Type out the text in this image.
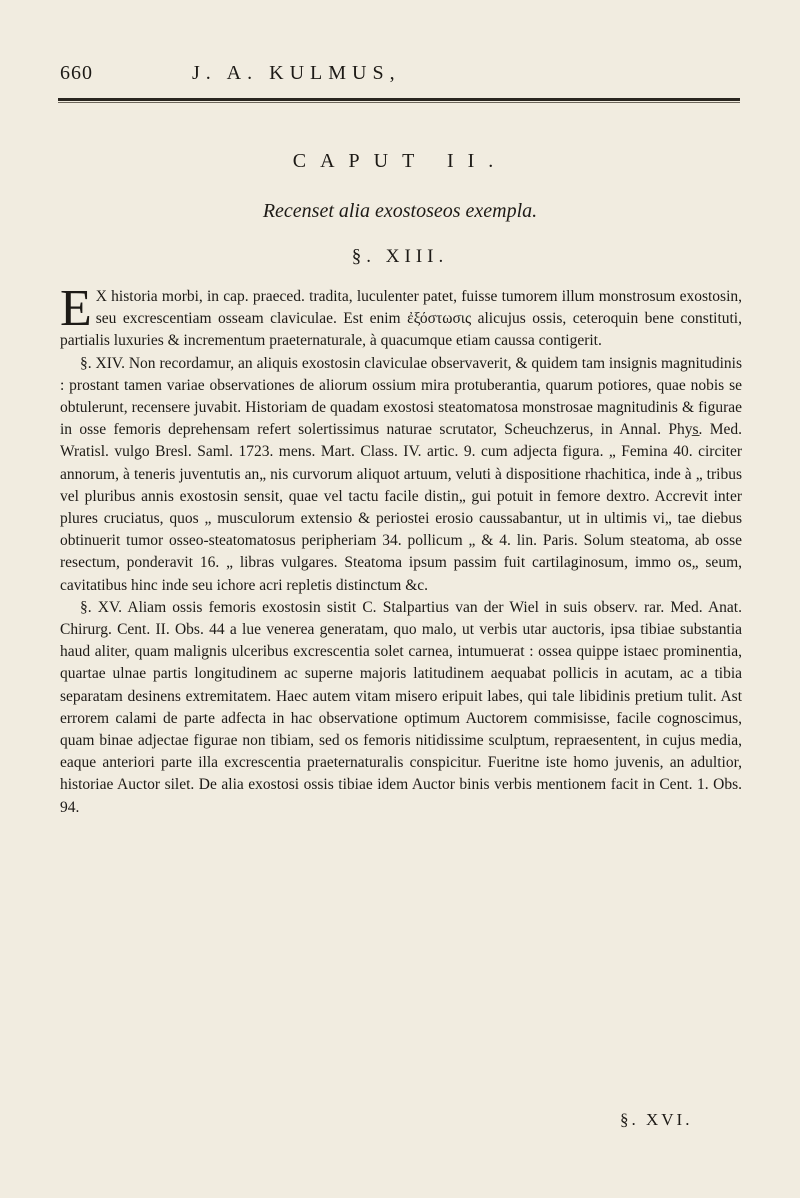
660	J. A. KULMUS,
CAPUT II.
Recenset alia exostoseos exempla.
§. XIII.

E X historia morbi, in cap. praeced. tradita, luculenter patet, fuisse tumorem illum monstrosum exostosin, seu excrescentiam osseam claviculae. Est enim ἐξόστωσις alicujus ossis, ceteroquin bene constituti, partialis luxuries & incrementum praeternaturale, à quacumque etiam caussa contigerit.

§. XIV. Non recordamur, an aliquis exostosin claviculae observaverit, & quidem tam insignis magnitudinis : prostant tamen variae observationes de aliorum ossium mira protuberantia, quarum potiores, quae nobis se obtulerunt, recensere juvabit. Historiam de quadam exostosi steatomatosa monstrosae magnitudinis & figurae in osse femoris deprehensam refert solertissimus naturae scrutator, Scheuchzerus, in Annal. Phys̲. Med. Wratisl. vulgo Bresl. Saml. 1723. mens. Mart. Class. IV. artic. 9. cum adjecta figura. „ Femina 40. circiter annorum, à teneris juventutis an„ nis curvorum aliquot artuum, veluti à dispositione rhachitica, inde à „ tribus vel pluribus annis exostosin sensit, quae vel tactu facile distin„ gui potuit in femore dextro. Accrevit inter plures cruciatus, quos „ musculorum extensio & periostei erosio caussabantur, ut in ultimis vi„ tae diebus obtinuerit tumor osseo-steatomatosus peripheriam 34. pollicum „ & 4. lin. Paris. Solum steatoma, ab osse resectum, ponderavit 16. „ libras vulgares. Steatoma ipsum passim fuit cartilaginosum, immo os„ seum, cavitatibus hinc inde seu ichore acri repletis distinctum &c.

§. XV. Aliam ossis femoris exostosin sistit C. Stalpartius van der Wiel in suis observ. rar. Med. Anat. Chirurg. Cent. II. Obs. 44 a lue venerea generatam, quo malo, ut verbis utar auctoris, ipsa tibiae substantia haud aliter, quam malignis ulceribus excrescentia solet carnea, intumuerat : ossea quippe istaec prominentia, quartae ulnae partis longitudinem ac superne majoris latitudinem aequabat pollicis in acutam, ac a tibia separatam desinens extremitatem. Haec autem vitam misero eripuit labes, qui tale libidinis pretium tulit. Ast errorem calami de parte adfecta in hac observatione optimum Auctorem commisisse, facile cognoscimus, quam binae adjectae figurae non tibiam, sed os femoris nitidissime sculptum, repraesentent, in cujus media, eaque anteriori parte illa excrescentia praeternaturalis conspicitur. Fueritne iste homo juvenis, an adultior, historiae Auctor silet. De alia exostosi ossis tibiae idem Auctor binis verbis mentionem facit in Cent. 1. Obs. 94.

§. XVI.
